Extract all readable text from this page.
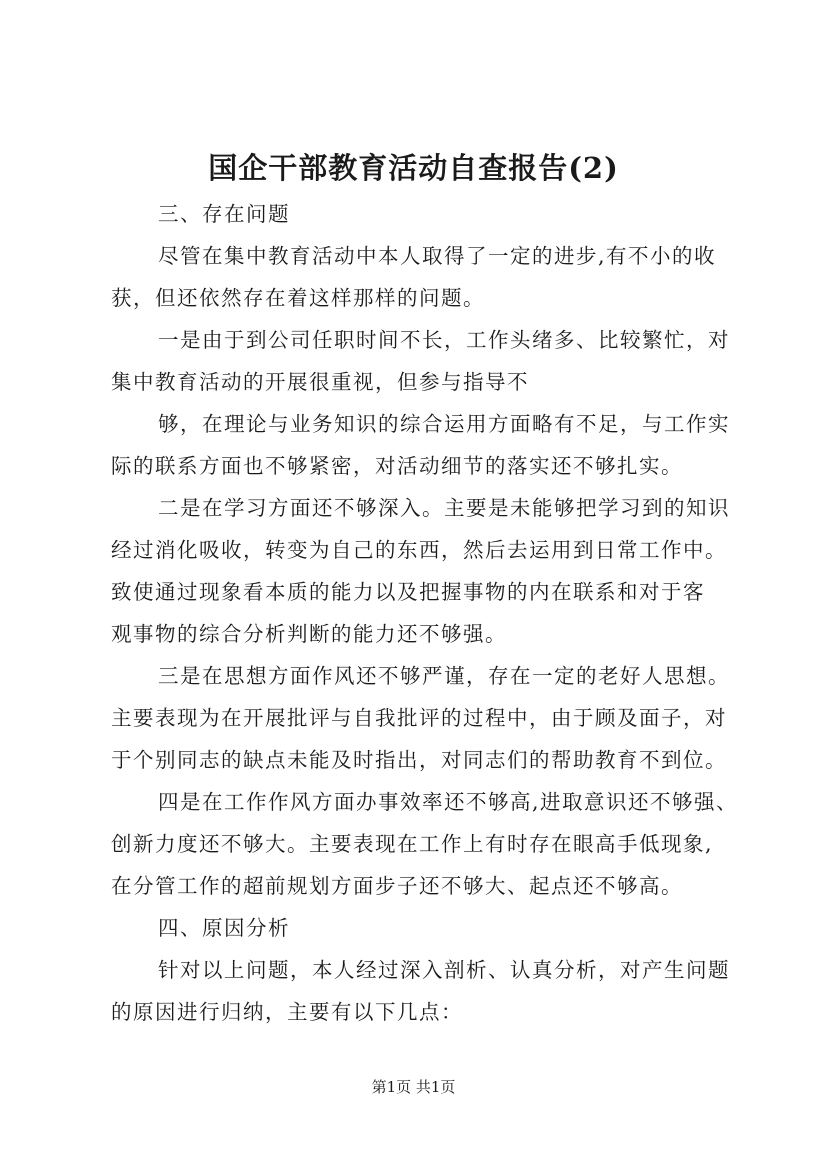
国企干部教育活动自查报告(2)
三、存在问题
尽管在集中教育活动中本人取得了一定的进步,有不小的收
获，但还依然存在着这样那样的问题。
一是由于到公司任职时间不长，工作头绪多、比较繁忙，对
集中教育活动的开展很重视，但参与指导不
够，在理论与业务知识的综合运用方面略有不足，与工作实
际的联系方面也不够紧密，对活动细节的落实还不够扎实。
二是在学习方面还不够深入。主要是未能够把学习到的知识
经过消化吸收，转变为自己的东西，然后去运用到日常工作中。
致使通过现象看本质的能力以及把握事物的内在联系和对于客
观事物的综合分析判断的能力还不够强。
三是在思想方面作风还不够严谨，存在一定的老好人思想。
主要表现为在开展批评与自我批评的过程中，由于顾及面子，对
于个别同志的缺点未能及时指出，对同志们的帮助教育不到位。
四是在工作作风方面办事效率还不够高,进取意识还不够强、
创新力度还不够大。主要表现在工作上有时存在眼高手低现象,
在分管工作的超前规划方面步子还不够大、起点还不够高。
四、原因分析
针对以上问题，本人经过深入剖析、认真分析，对产生问题
的原因进行归纳，主要有以下几点：
第1页 共1页
